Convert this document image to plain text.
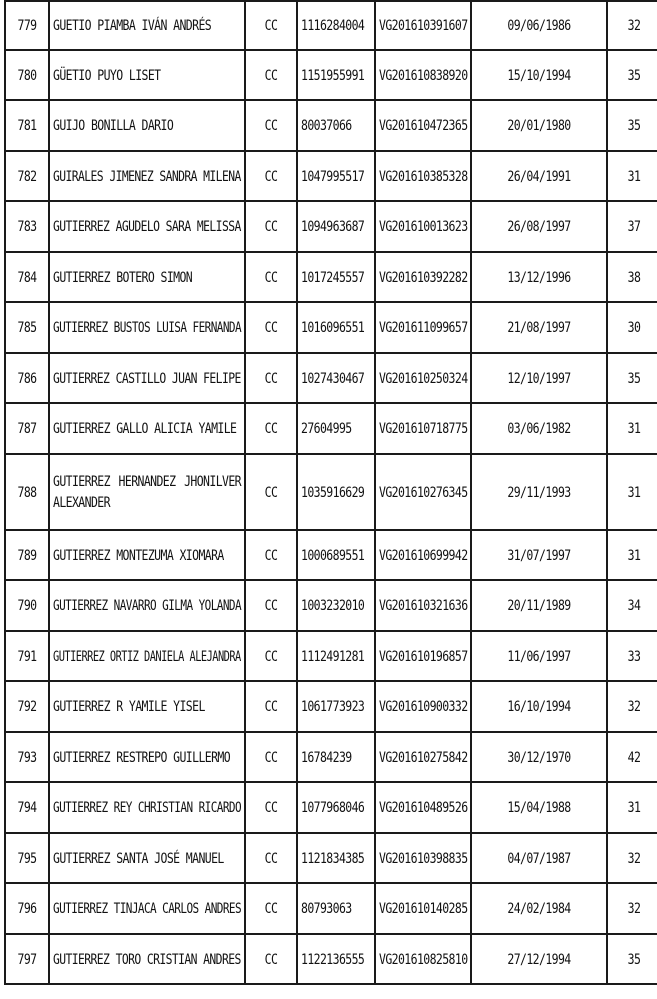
779	GUETIO PIAMBA IVÁN ANDRÉS	CC	1116284004	VG201610391607	09/06/1986	32
780	GÜETIO PUYO LISET	CC	1151955991	VG201610838920	15/10/1994	35
781	GUIJO BONILLA DARIO	CC	80037066	VG201610472365	20/01/1980	35
782	GUIRALES JIMENEZ SANDRA MILENA	CC	1047995517	VG201610385328	26/04/1991	31
783	GUTIERREZ AGUDELO SARA MELISSA	CC	1094963687	VG201610013623	26/08/1997	37
784	GUTIERREZ BOTERO SIMON	CC	1017245557	VG201610392282	13/12/1996	38
785	GUTIERREZ BUSTOS LUISA FERNANDA	CC	1016096551	VG201611099657	21/08/1997	30
786	GUTIERREZ CASTILLO JUAN FELIPE	CC	1027430467	VG201610250324	12/10/1997	35
787	GUTIERREZ GALLO ALICIA YAMILE	CC	27604995	VG201610718775	03/06/1982	31
788	GUTIERREZ HERNANDEZ JHONILVER ALEXANDER	CC	1035916629	VG201610276345	29/11/1993	31
789	GUTIERREZ MONTEZUMA XIOMARA	CC	1000689551	VG201610699942	31/07/1997	31
790	GUTIERREZ NAVARRO GILMA YOLANDA	CC	1003232010	VG201610321636	20/11/1989	34
791	GUTIERREZ ORTIZ DANIELA ALEJANDRA	CC	1112491281	VG201610196857	11/06/1997	33
792	GUTIERREZ R YAMILE YISEL	CC	1061773923	VG201610900332	16/10/1994	32
793	GUTIERREZ RESTREPO GUILLERMO	CC	16784239	VG201610275842	30/12/1970	42
794	GUTIERREZ REY CHRISTIAN RICARDO	CC	1077968046	VG201610489526	15/04/1988	31
795	GUTIERREZ SANTA JOSÉ MANUEL	CC	1121834385	VG201610398835	04/07/1987	32
796	GUTIERREZ TINJACA CARLOS ANDRES	CC	80793063	VG201610140285	24/02/1984	32
797	GUTIERREZ TORO CRISTIAN ANDRES	CC	1122136555	VG201610825810	27/12/1994	35
